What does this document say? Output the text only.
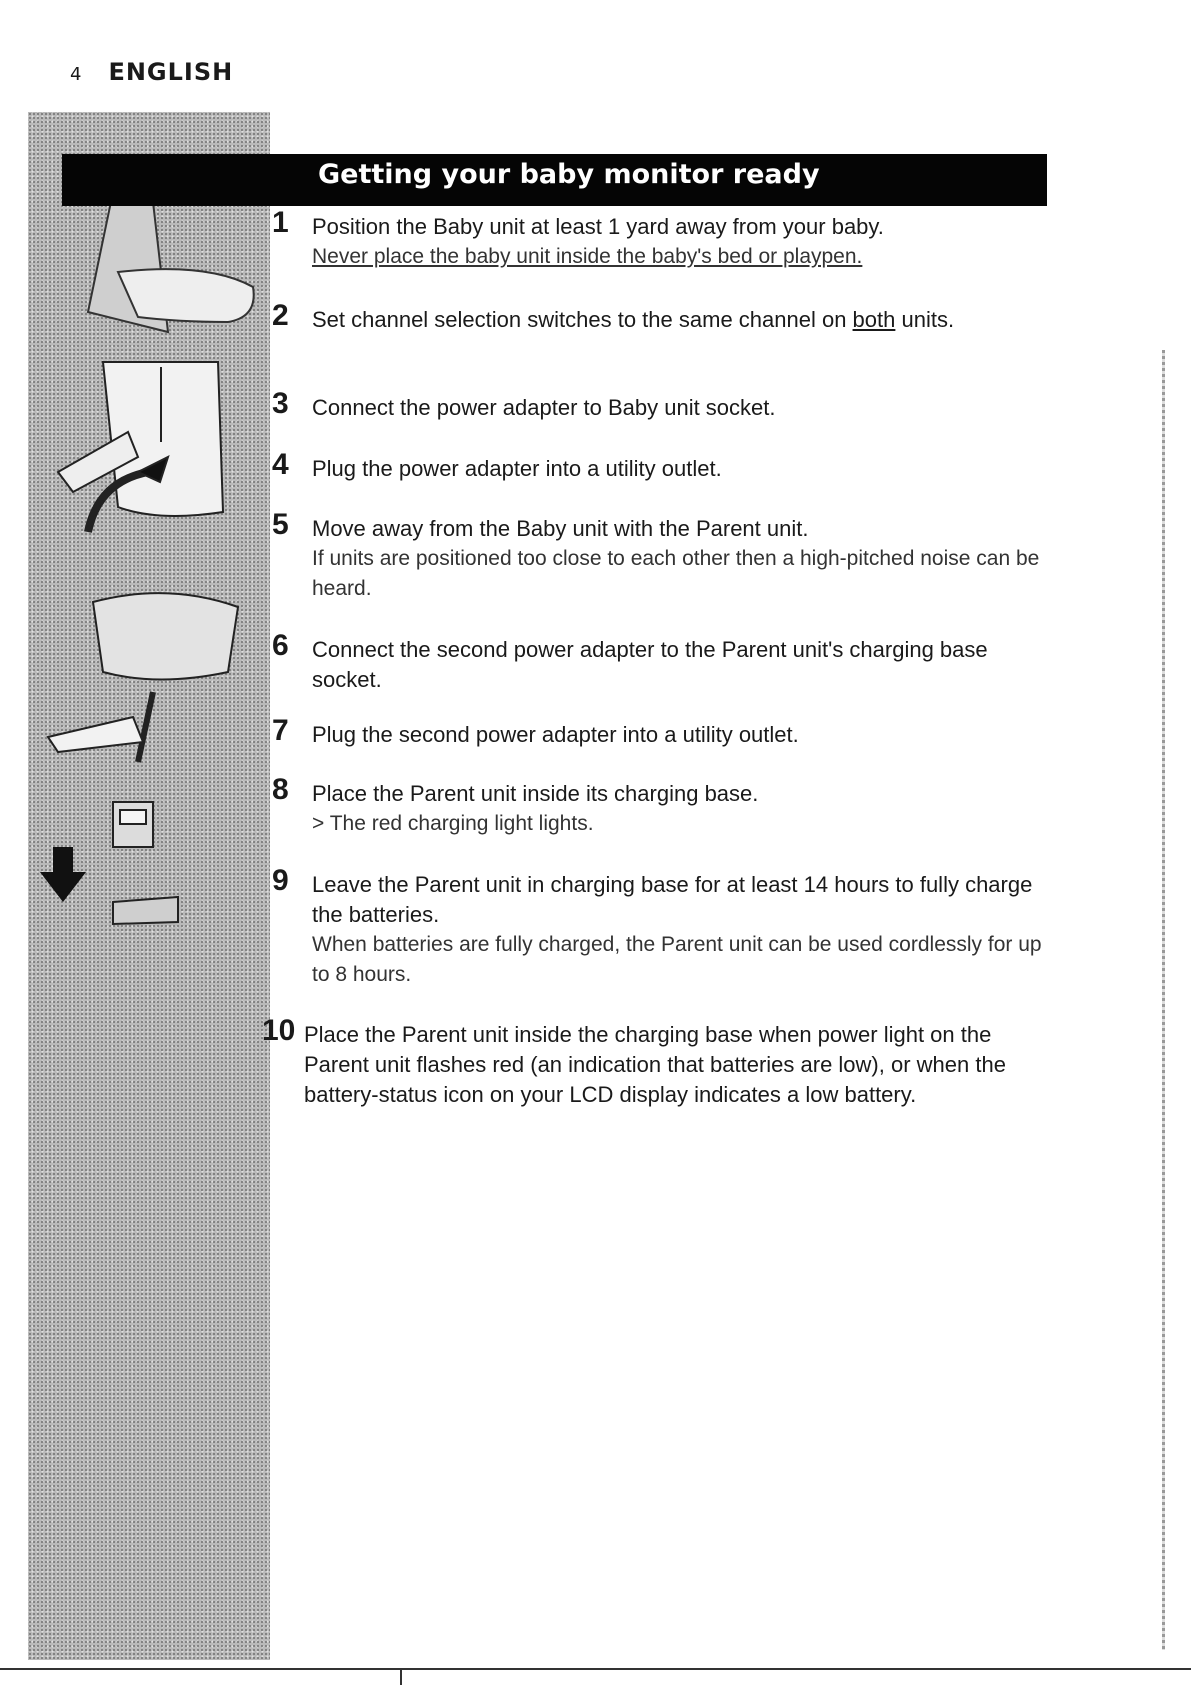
4 ENGLISH
Getting your baby monitor ready
1 Position the Baby unit at least 1 yard away from your baby.
Never place the baby unit inside the baby's bed or playpen.
2 Set channel selection switches to the same channel on both units.
3 Connect the power adapter to Baby unit socket.
4 Plug the power adapter into a utility outlet.
5 Move away from the Baby unit with the Parent unit.
If units are positioned too close to each other then a high-pitched noise can be heard.
6 Connect the second power adapter to the Parent unit's charging base socket.
7 Plug the second power adapter into a utility outlet.
8 Place the Parent unit inside its charging base.
> The red charging light lights.
9 Leave the Parent unit in charging base for at least 14 hours to fully charge the batteries.
When batteries are fully charged, the Parent unit can be used cordlessly for up to 8 hours.
10 Place the Parent unit inside the charging base when power light on the Parent unit flashes red (an indication that batteries are low), or when the battery-status icon on your LCD display indicates a low battery.
